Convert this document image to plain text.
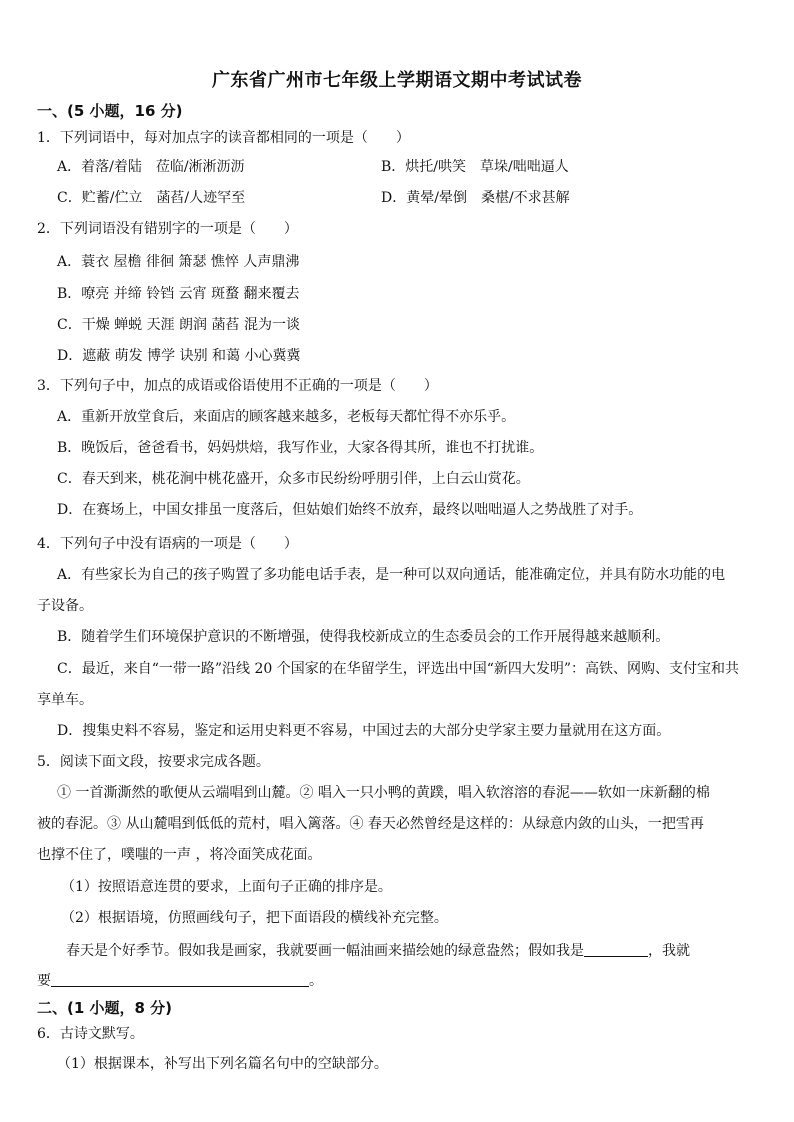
广东省广州市七年级上学期语文期中考试试卷
一、(5 小题，16 分)
1．下列词语中，每对加点字的读音都相同的一项是（　　）
A．着落/着陆　莅临/淅淅沥沥	B．烘托/哄笑　草垛/咄咄逼人
C．贮蓄/伫立　菡萏/人迹罕至	D．黄晕/晕倒　桑椹/不求甚解
2．下列词语没有错别字的一项是（　　）
A．蓑衣 屋檐 徘徊 箫瑟 憔悴 人声鼎沸
B．嘹亮 并缔 铃铛 云宵 斑蝥 翻来覆去
C．干燥 蝉蜕 天涯 朗润 菡萏 混为一谈
D．遮蔽 萌发 博学 诀别 和蔼 小心冀冀
3．下列句子中，加点的成语或俗语使用不正确的一项是（　　）
A．重新开放堂食后，来面店的顾客越来越多，老板每天都忙得不亦乐乎。
B．晚饭后，爸爸看书，妈妈烘焙，我写作业，大家各得其所，谁也不打扰谁。
C．春天到来，桃花涧中桃花盛开，众多市民纷纷呼朋引伴，上白云山赏花。
D．在赛场上，中国女排虽一度落后，但姑娘们始终不放弃，最终以咄咄逼人之势战胜了对手。
4．下列句子中没有语病的一项是（　　）
A．有些家长为自己的孩子购置了多功能电话手表，是一种可以双向通话，能准确定位，并具有防水功能的电
子设备。
B．随着学生们环境保护意识的不断增强，使得我校新成立的生态委员会的工作开展得越来越顺利。
C．最近，来自“一带一路”沿线 20 个国家的在华留学生，评选出中国“新四大发明”：高铁、网购、支付宝和共
享单车。
D．搜集史料不容易，鉴定和运用史料更不容易，中国过去的大部分史学家主要力量就用在这方面。
5．阅读下面文段，按要求完成各题。
① 一首澌澌然的歌便从云端唱到山麓。② 唱入一只小鸭的黄蹼，唱入软溶溶的春泥——软如一床新翻的棉
被的春泥。③ 从山麓唱到低低的荒村，唱入篱落。④ 春天必然曾经是这样的：从绿意内敛的山头，一把雪再
也撑不住了，噗嗤的一声 ，将冷面笑成花面。
（1）按照语意连贯的要求，上面句子正确的排序是。
（2）根据语境，仿照画线句子，把下面语段的横线补充完整。
春天是个好季节。假如我是画家，我就要画一幅油画来描绘她的绿意盎然；假如我是	，我就
要	。
二、(1 小题，8 分)
6．古诗文默写。
（1）根据课本，补写出下列名篇名句中的空缺部分。
